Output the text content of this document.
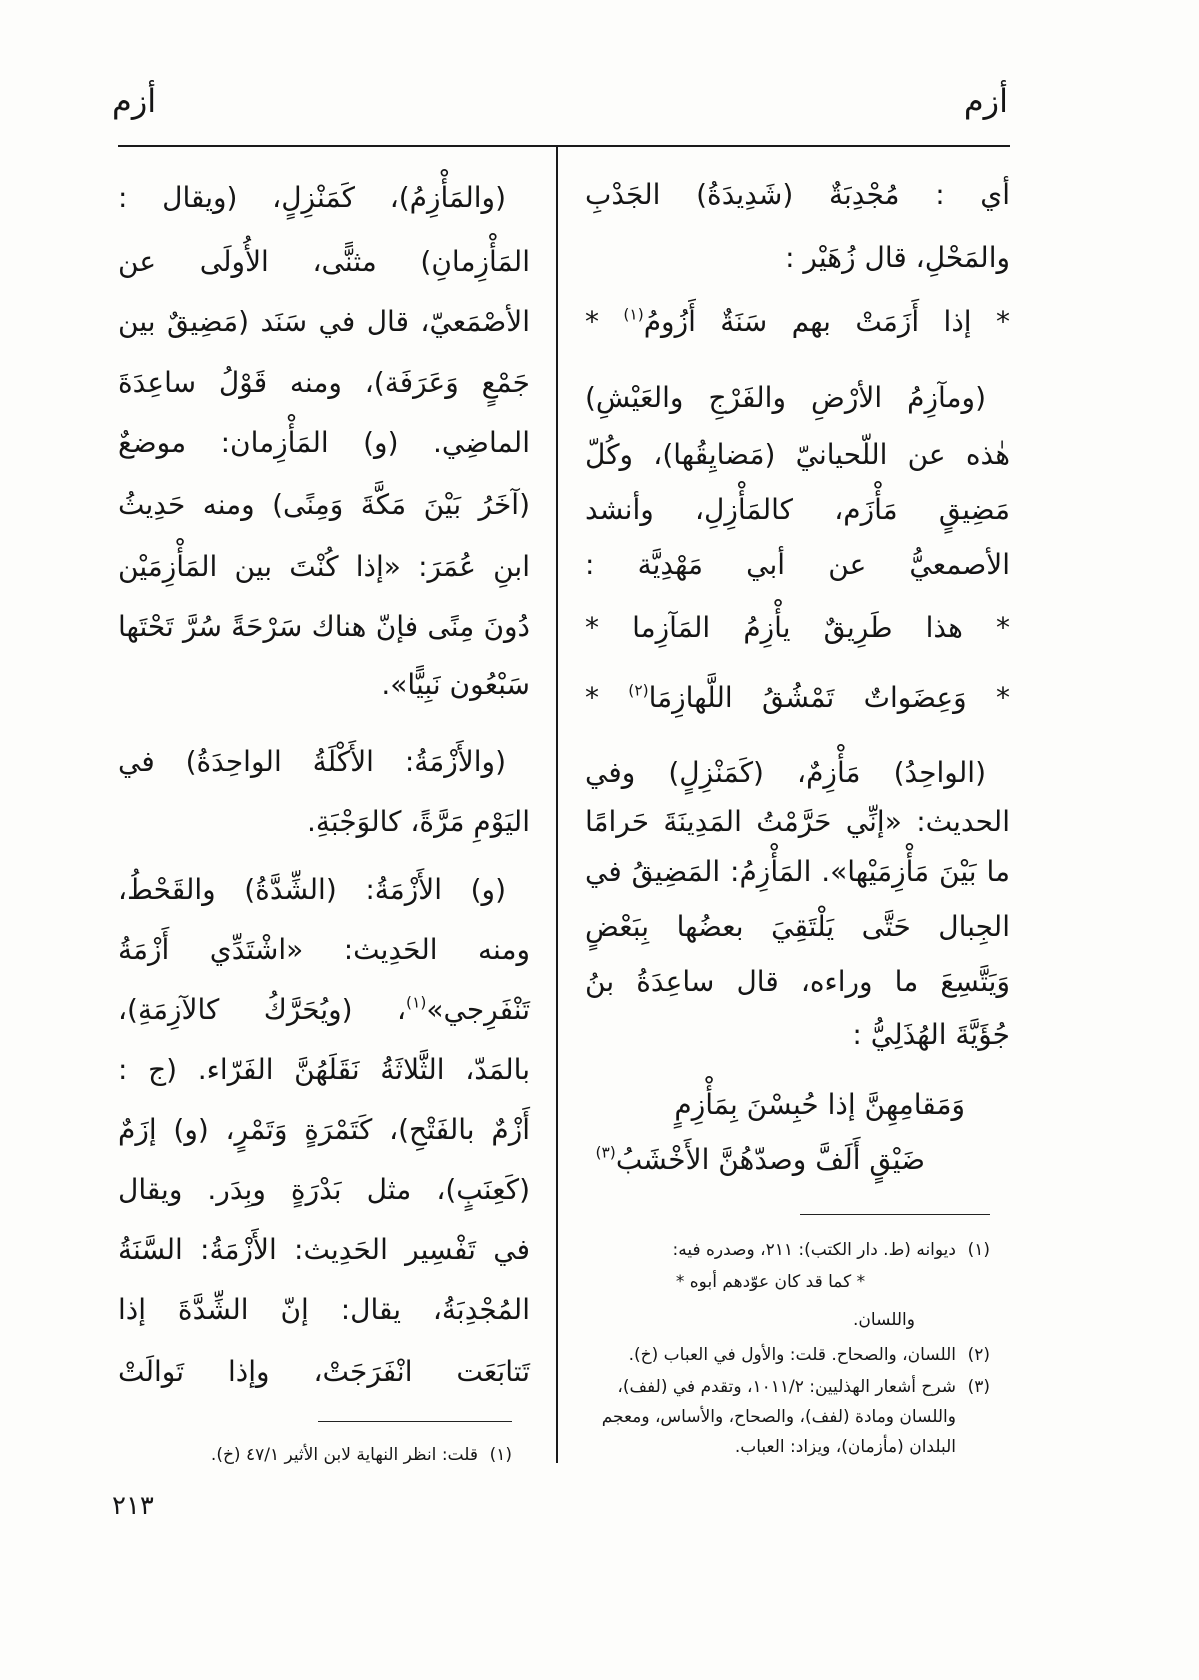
أزم
أزم
أي : مُجْدِبَةٌ (شَدِيدَةُ) الجَدْبِ
والمَحْلِ، قال زُهَيْر :
* إذا أَزَمَتْ بهم سَنَةٌ أَزُومُ$^{(١)}$ *
(ومآزِمُ الأرْضِ والفَرْجِ والعَيْشِ)
هٰذه عن اللّحيانيّ (مَضايِقُها)، وكُلّ
مَضِيقٍ مَأْزَم، كالمَأْزِلِ، وأنشد
الأصمعيُّ عن أبي مَهْدِيَّة :
* هذا طَرِيقٌ يأْزِمُ المَآزِما *
* وَعِضَواتٌ تَمْشُقُ اللَّهازِمَا$^{(٢)}$ *
(الواحِدُ) مَأْزِمٌ، (كَمَنْزِلٍ) وفي
الحديث: «إنِّي حَرَّمْتُ المَدِينَةَ حَرامًا
ما بَيْنَ مَأْزِمَيْها». المَأْزِمُ: المَضِيقُ في
الجِبال حَتَّى يَلْتَقِيَ بعضُها بِبَعْضٍ
وَيَتَّسِعَ ما وراءه، قال ساعِدَةُ بنُ
جُؤَيَّةَ الهُذَلِيُّ :
وَمَقامِهِنَّ إذا حُبِسْنَ بِمَأْزِمٍ
ضَيْقٍ أَلَفَّ وصدّهُنَّ الأَخْشَبُ$^{(٣)}$
(١)ديوانه (ط. دار الكتب): ٢١١، وصدره فيه:
* كما قد كان عوّدهم أبوه *
واللسان.
(٢)اللسان، والصحاح. قلت: والأول في العباب (خ).
(٣)شرح أشعار الهذليين: ١٠١١/٢، وتقدم في (لفف)،
واللسان ومادة (لفف)، والصحاح، والأساس، ومعجم
البلدان (مأزمان)، ويزاد: العباب.
(والمَأْزِمُ)، كَمَنْزِلٍ، (ويقال :
المَأْزِمانِ) مثنًّى، الأُولَى عن
الأصْمَعيّ، قال في سَنَد (مَضِيقٌ بين
جَمْعٍ وَعَرَفَة)، ومنه قَوْلُ ساعِدَةَ
الماضِي. (و) المَأْزِمان: موضعٌ
(آخَرُ بَيْنَ مَكَّةَ وَمِنًى) ومنه حَدِيثُ
ابنِ عُمَرَ: «إذا كُنْتَ بين المَأْزِمَيْن
دُونَ مِنًى فإنّ هناك سَرْحَةً سُرَّ تَحْتَها
سَبْعُون نَبِيًّا».
(والأَزْمَةُ: الأَكْلَةُ الواحِدَةُ) في
اليَوْمِ مَرَّةً، كالوَجْبَةِ.
(و) الأَزْمَةُ: (الشِّدَّةُ) والقَحْطُ،
ومنه الحَدِيث: «اشْتَدِّي أَزْمَةُ
تَنْفَرِجي»$^{(١)}$، (ويُحَرَّكُ كالآزِمَةِ)،
بالمَدّ، الثَّلاثَةُ نَقَلَهُنَّ الفَرّاء. (ج :
أَزْمٌ بالفَتْحِ)، كَتَمْرَةٍ وَتَمْرٍ، (و) إزَمٌ
(كَعِنَبٍ)، مثل بَدْرَةٍ وبِدَر. ويقال
في تَفْسِير الحَدِيث: الأَزْمَةُ: السَّنَةُ
المُجْدِبَةُ، يقال: إنّ الشِّدَّةَ إذا
تَتابَعَت انْفَرَجَتْ، وإذا تَوالَتْ
(١)قلت: انظر النهاية لابن الأثير ٤٧/١ (خ).
٢١٣
